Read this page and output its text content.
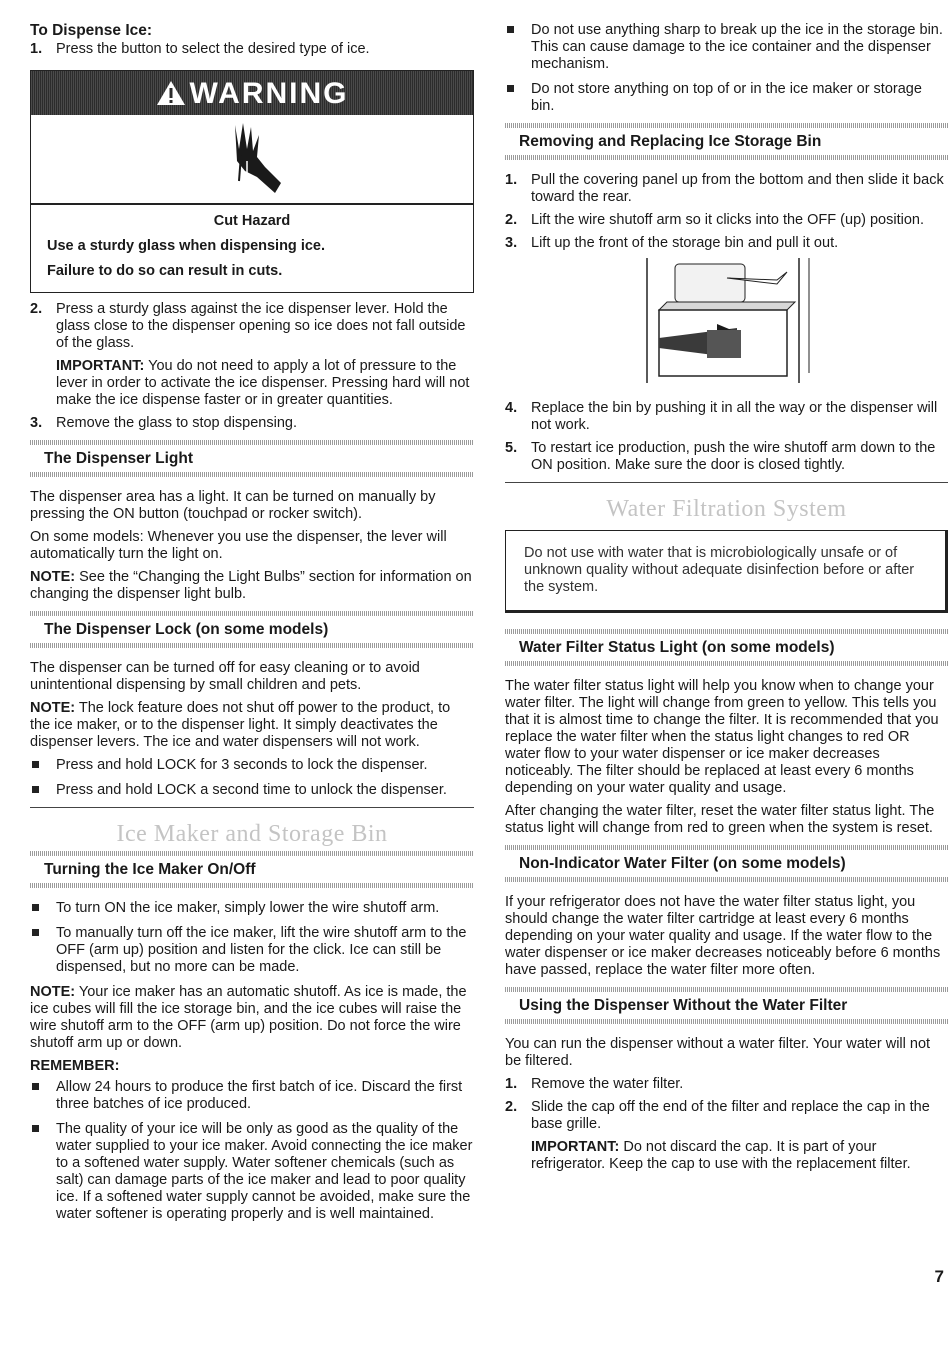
To Dispense Ice:
1. Press the button to select the desired type of ice.
WARNING
Cut Hazard
Use a sturdy glass when dispensing ice.
Failure to do so can result in cuts.
2. Press a sturdy glass against the ice dispenser lever. Hold the glass close to the dispenser opening so ice does not fall outside of the glass.

IMPORTANT: You do not need to apply a lot of pressure to the lever in order to activate the ice dispenser. Pressing hard will not make the ice dispense faster or in greater quantities.

3. Remove the glass to stop dispensing.
The Dispenser Light

The dispenser area has a light. It can be turned on manually by pressing the ON button (touchpad or rocker switch).

On some models: Whenever you use the dispenser, the lever will automatically turn the light on.

NOTE: See the “Changing the Light Bulbs” section for information on changing the dispenser light bulb.

The Dispenser Lock (on some models)

The dispenser can be turned off for easy cleaning or to avoid unintentional dispensing by small children and pets.

NOTE: The lock feature does not shut off power to the product, to the ice maker, or to the dispenser light. It simply deactivates the dispenser levers. The ice and water dispensers will not work.

Press and hold LOCK for 3 seconds to lock the dispenser.
Press and hold LOCK a second time to unlock the dispenser.
Ice Maker and Storage Bin
Turning the Ice Maker On/Off
To turn ON the ice maker, simply lower the wire shutoff arm.
To manually turn off the ice maker, lift the wire shutoff arm to the OFF (arm up) position and listen for the click. Ice can still be dispensed, but no more can be made.

NOTE: Your ice maker has an automatic shutoff. As ice is made, the ice cubes will fill the ice storage bin, and the ice cubes will raise the wire shutoff arm to the OFF (arm up) position. Do not force the wire shutoff arm up or down.

REMEMBER:

Allow 24 hours to produce the first batch of ice. Discard the first three batches of ice produced.
The quality of your ice will be only as good as the quality of the water supplied to your ice maker. Avoid connecting the ice maker to a softened water supply. Water softener chemicals (such as salt) can damage parts of the ice maker and lead to poor quality ice. If a softened water supply cannot be avoided, make sure the water softener is operating properly and is well maintained.
Do not use anything sharp to break up the ice in the storage bin. This can cause damage to the ice container and the dispenser mechanism.
Do not store anything on top of or in the ice maker or storage bin.
Removing and Replacing Ice Storage Bin
1. Pull the covering panel up from the bottom and then slide it back toward the rear.
2. Lift the wire shutoff arm so it clicks into the OFF (up) position.
3. Lift up the front of the storage bin and pull it out.
4. Replace the bin by pushing it in all the way or the dispenser will not work.
5. To restart ice production, push the wire shutoff arm down to the ON position. Make sure the door is closed tightly.
Water Filtration System
Do not use with water that is microbiologically unsafe or of unknown quality without adequate disinfection before or after the system.
Water Filter Status Light (on some models)

The water filter status light will help you know when to change your water filter. The light will change from green to yellow. This tells you that it is almost time to change the filter. It is recommended that you replace the water filter when the status light changes to red OR water flow to your water dispenser or ice maker decreases noticeably. The filter should be replaced at least every 6 months depending on your water quality and usage.

After changing the water filter, reset the water filter status light. The status light will change from red to green when the system is reset.

Non-Indicator Water Filter (on some models)

If your refrigerator does not have the water filter status light, you should change the water filter cartridge at least every 6 months depending on your water quality and usage. If the water flow to the water dispenser or ice maker decreases noticeably before 6 months have passed, replace the water filter more often.

Using the Dispenser Without the Water Filter

You can run the dispenser without a water filter. Your water will not be filtered.

1. Remove the water filter.
2. Slide the cap off the end of the filter and replace the cap in the base grille.

IMPORTANT: Do not discard the cap. It is part of your refrigerator. Keep the cap to use with the replacement filter.

7
